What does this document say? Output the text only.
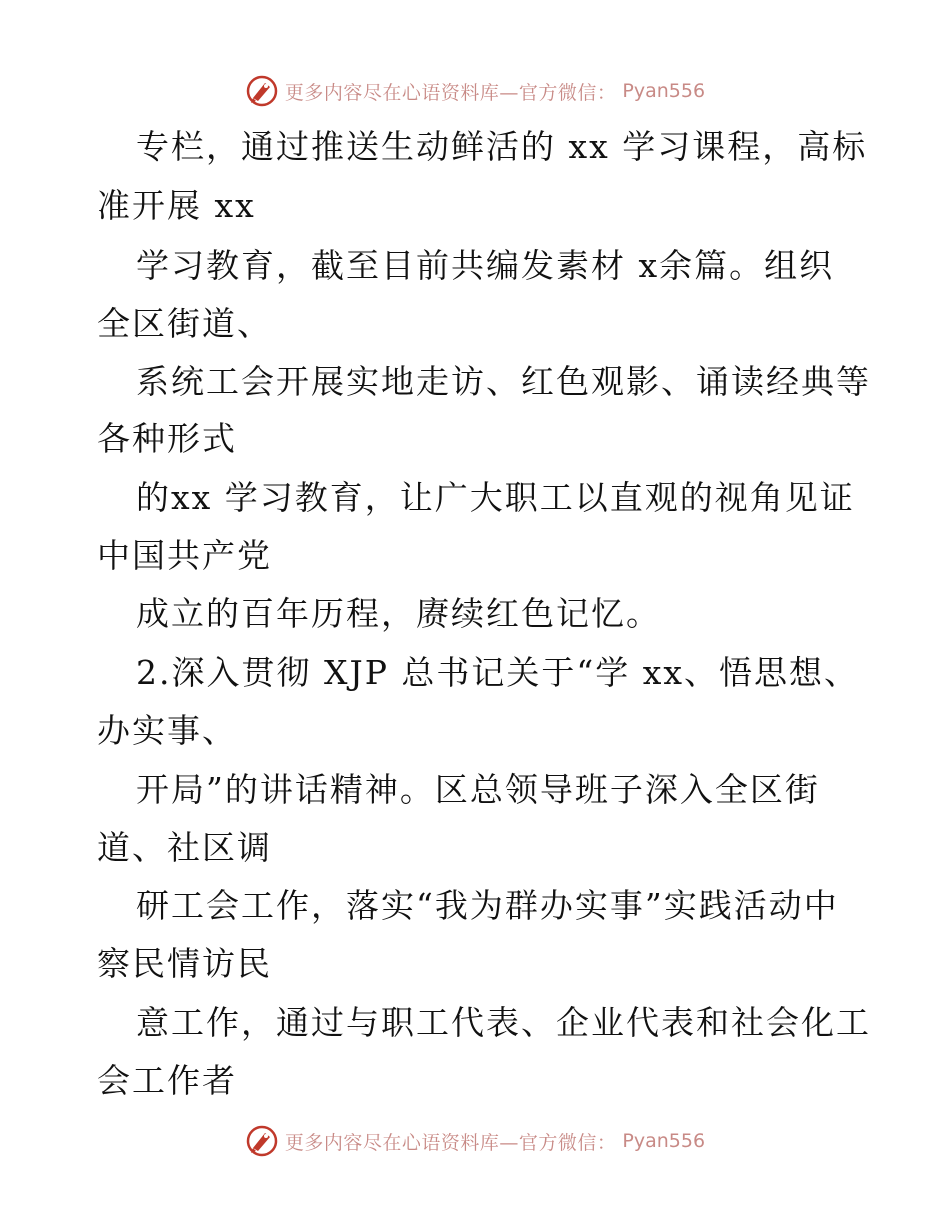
更多内容尽在心语资料库—官方微信： Pyan556
专栏，通过推送生动鲜活的 xx 学习课程，高标
准开展 xx
学习教育，截至目前共编发素材 x余篇。组织
全区街道、
系统工会开展实地走访、红色观影、诵读经典等
各种形式
的xx 学习教育，让广大职工以直观的视角见证
中国共产党
成立的百年历程，赓续红色记忆。
2.深入贯彻 XJP 总书记关于“学 xx、悟思想、
办实事、
开局”的讲话精神。区总领导班子深入全区街
道、社区调
研工会工作，落实“我为群办实事”实践活动中
察民情访民
意工作，通过与职工代表、企业代表和社会化工
会工作者
更多内容尽在心语资料库—官方微信： Pyan556
